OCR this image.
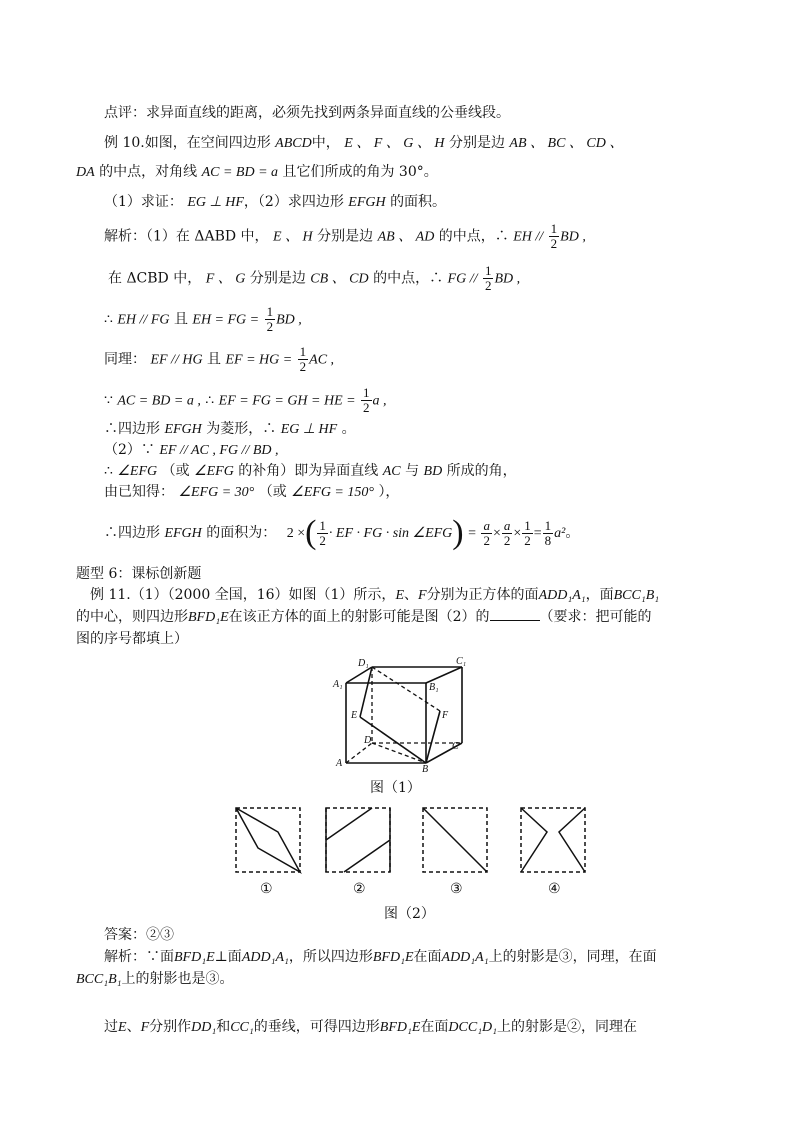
点评：求异面直线的距离，必须先找到两条异面直线的公垂线段。
例 10.如图，在空间四边形 ABCD中， E 、 F 、 G 、 H 分别是边 AB 、 BC 、 CD 、
DA 的中点，对角线 AC = BD = a 且它们所成的角为 30°。
（1）求证： EG ⊥ HF，（2）求四边形 EFGH 的面积。
解析：（1）在 ΔABD 中， E 、 H 分别是边 AB 、 AD 的中点，∴ EH // $\frac{1}{2}$ BD ,
在 ΔCBD 中， F 、 G 分别是边 CB 、 CD 的中点，∴ FG // $\frac{1}{2}$ BD ,
∴ EH // FG 且 EH = FG = $\frac{1}{2}$ BD ,
同理： EF // HG 且 EF = HG = $\frac{1}{2}$ AC ,
∵ AC = BD = a , ∴ EF = FG = GH = HE = $\frac{1}{2}$ a ,
∴四边形 EFGH 为菱形，∴ EG ⊥ HF 。
（2）∵ EF // AC , FG // BD ,
∴ ∠EFG （或 ∠EFG 的补角）即为异面直线 AC 与 BD 所成的角，
由已知得： ∠EFG = 30° （或 ∠EFG = 150° ），
∴四边形 EFGH 的面积为： 2 ×( $\frac{1}{2}$ · EF · FG · sin ∠EFG) = $\frac{a}{2} \times \frac{a}{2} \times \frac{1}{2} = \frac{1}{8} a^2$。
题型 6：课标创新题
例 11.（1）（2000 全国，16）如图（1）所示，E、F分别为正方体的面ADD₁A₁，面BCC₁B₁
的中心，则四边形BFD₁E在该正方体的面上的射影可能是图（2）的	（要求：把可能的
图的序号都填上）
D₁	C₁
A₁	B₁
E	F
D
C
A
B
图（1）
①	②	③	④
图（2）
答案：②③
解析：∵面BFD₁E⊥面ADD₁A₁，所以四边形BFD₁E在面ADD₁A₁上的射影是③，同理，在面
BCC₁B₁上的射影也是③。
过E、F分别作DD₁和CC₁的垂线，可得四边形BFD₁E在面DCC₁D₁上的射影是②，同理在
